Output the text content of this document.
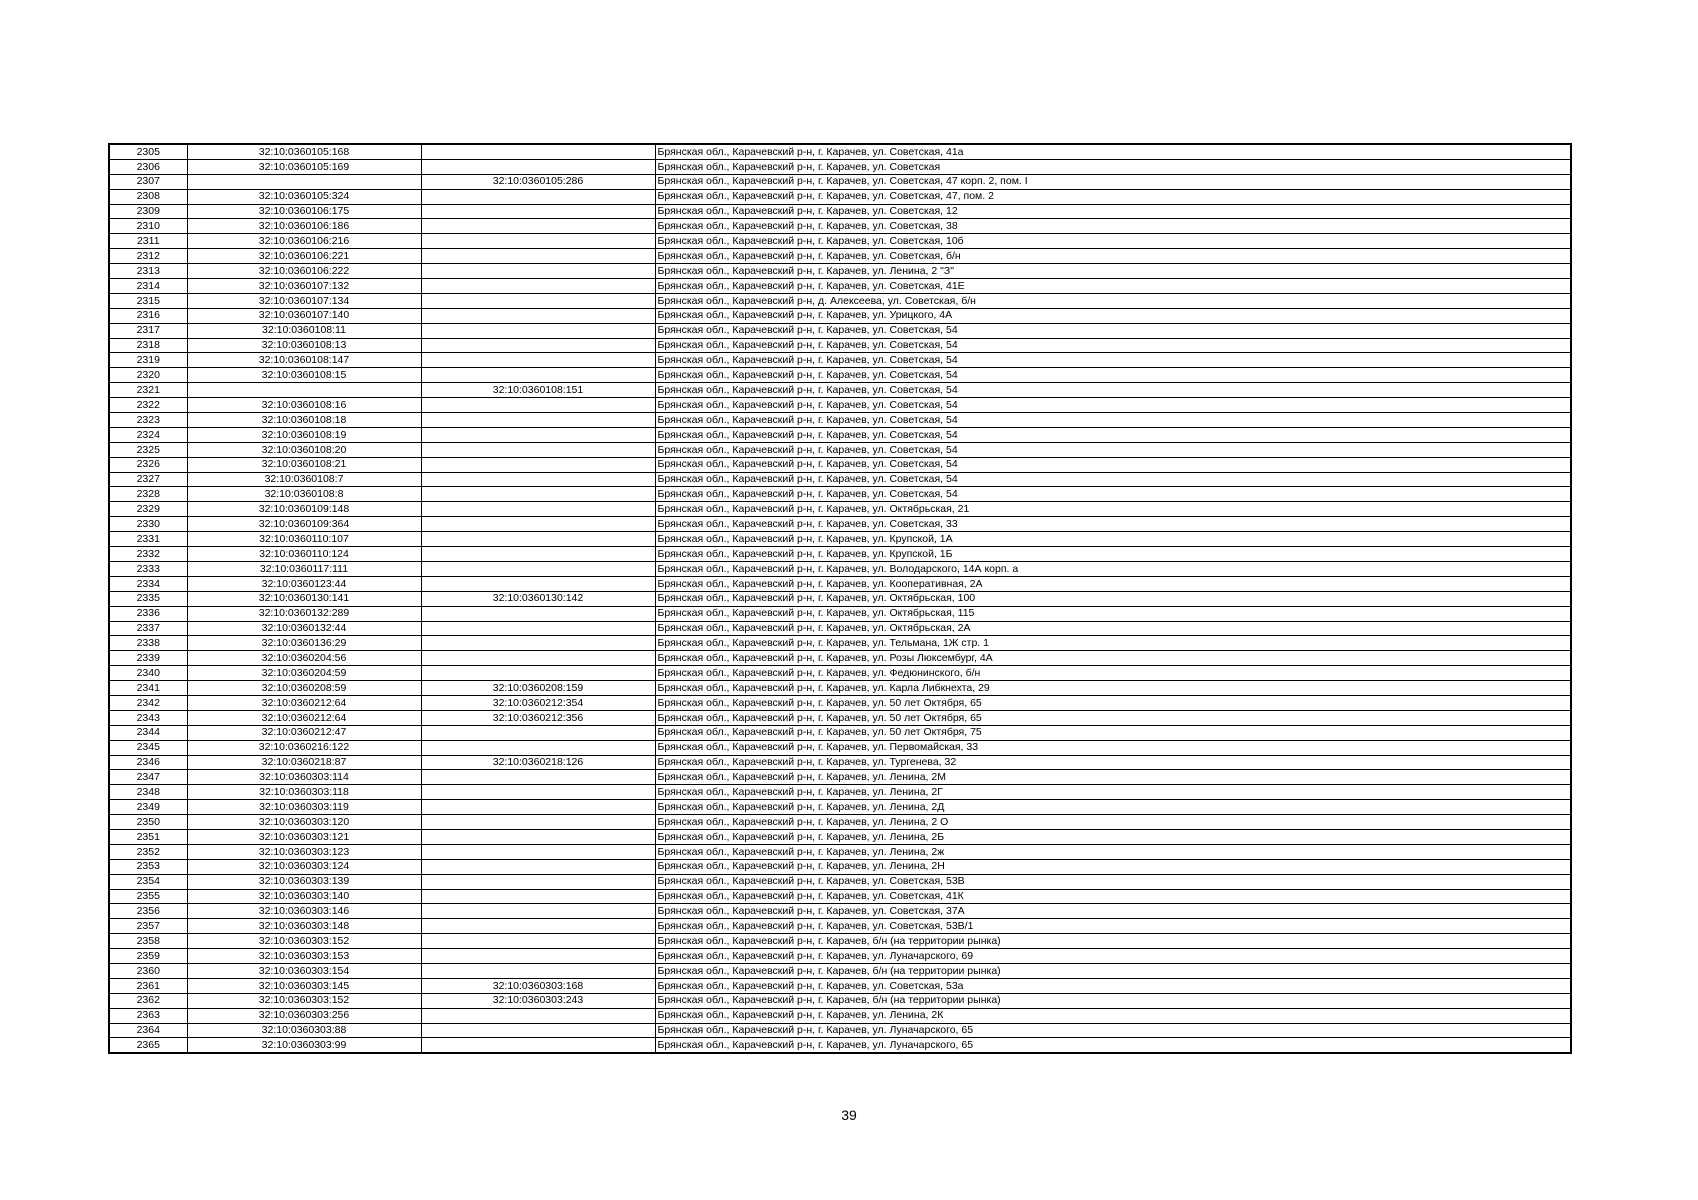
2305	32:10:0360105:168		Брянская обл., Карачевский р-н, г. Карачев, ул. Советская, 41а
2306	32:10:0360105:169		Брянская обл., Карачевский р-н, г. Карачев, ул. Советская
2307		32:10:0360105:286	Брянская обл., Карачевский р-н, г. Карачев, ул. Советская, 47 корп. 2, пом. I
2308	32:10:0360105:324		Брянская обл., Карачевский р-н, г. Карачев, ул. Советская, 47, пом. 2
2309	32:10:0360106:175		Брянская обл., Карачевский р-н, г. Карачев, ул. Советская, 12
2310	32:10:0360106:186		Брянская обл., Карачевский р-н, г. Карачев, ул. Советская, 38
2311	32:10:0360106:216		Брянская обл., Карачевский р-н, г. Карачев, ул. Советская, 10б
2312	32:10:0360106:221		Брянская обл., Карачевский р-н, г. Карачев, ул. Советская, б/н
2313	32:10:0360106:222		Брянская обл., Карачевский р-н, г. Карачев, ул. Ленина, 2 "З"
2314	32:10:0360107:132		Брянская обл., Карачевский р-н, г. Карачев, ул. Советская, 41Е
2315	32:10:0360107:134		Брянская обл., Карачевский р-н, д. Алексеева, ул. Советская, б/н
2316	32:10:0360107:140		Брянская обл., Карачевский р-н, г. Карачев, ул. Урицкого, 4А
2317	32:10:0360108:11		Брянская обл., Карачевский р-н, г. Карачев, ул. Советская, 54
2318	32:10:0360108:13		Брянская обл., Карачевский р-н, г. Карачев, ул. Советская, 54
2319	32:10:0360108:147		Брянская обл., Карачевский р-н, г. Карачев, ул. Советская, 54
2320	32:10:0360108:15		Брянская обл., Карачевский р-н, г. Карачев, ул. Советская, 54
2321		32:10:0360108:151	Брянская обл., Карачевский р-н, г. Карачев, ул. Советская, 54
2322	32:10:0360108:16		Брянская обл., Карачевский р-н, г. Карачев, ул. Советская, 54
2323	32:10:0360108:18		Брянская обл., Карачевский р-н, г. Карачев, ул. Советская, 54
2324	32:10:0360108:19		Брянская обл., Карачевский р-н, г. Карачев, ул. Советская, 54
2325	32:10:0360108:20		Брянская обл., Карачевский р-н, г. Карачев, ул. Советская, 54
2326	32:10:0360108:21		Брянская обл., Карачевский р-н, г. Карачев, ул. Советская, 54
2327	32:10:0360108:7		Брянская обл., Карачевский р-н, г. Карачев, ул. Советская, 54
2328	32:10:0360108:8		Брянская обл., Карачевский р-н, г. Карачев, ул. Советская, 54
2329	32:10:0360109:148		Брянская обл., Карачевский р-н, г. Карачев, ул. Октябрьская, 21
2330	32:10:0360109:364		Брянская обл., Карачевский р-н, г. Карачев, ул. Советская, 33
2331	32:10:0360110:107		Брянская обл., Карачевский р-н, г. Карачев, ул. Крупской, 1А
2332	32:10:0360110:124		Брянская обл., Карачевский р-н, г. Карачев, ул. Крупской, 1Б
2333	32:10:0360117:111		Брянская обл., Карачевский р-н, г. Карачев, ул. Володарского, 14А корп. а
2334	32:10:0360123:44		Брянская обл., Карачевский р-н, г. Карачев, ул. Кооперативная, 2А
2335	32:10:0360130:141	32:10:0360130:142	Брянская обл., Карачевский р-н, г. Карачев, ул. Октябрьская, 100
2336	32:10:0360132:289		Брянская обл., Карачевский р-н, г. Карачев, ул. Октябрьская, 115
2337	32:10:0360132:44		Брянская обл., Карачевский р-н, г. Карачев, ул. Октябрьская, 2А
2338	32:10:0360136:29		Брянская обл., Карачевский р-н, г. Карачев, ул. Тельмана, 1Ж стр. 1
2339	32:10:0360204:56		Брянская обл., Карачевский р-н, г. Карачев, ул. Розы Люксембург, 4А
2340	32:10:0360204:59		Брянская обл., Карачевский р-н, г. Карачев, ул. Федюнинского, б/н
2341	32:10:0360208:59	32:10:0360208:159	Брянская обл., Карачевский р-н, г. Карачев, ул. Карла Либкнехта, 29
2342	32:10:0360212:64	32:10:0360212:354	Брянская обл., Карачевский р-н, г. Карачев, ул. 50 лет Октября, 65
2343	32:10:0360212:64	32:10:0360212:356	Брянская обл., Карачевский р-н, г. Карачев, ул. 50 лет Октября, 65
2344	32:10:0360212:47		Брянская обл., Карачевский р-н, г. Карачев, ул. 50 лет Октября, 75
2345	32:10:0360216:122		Брянская обл., Карачевский р-н, г. Карачев, ул. Первомайская, 33
2346	32:10:0360218:87	32:10:0360218:126	Брянская обл., Карачевский р-н, г. Карачев, ул. Тургенева, 32
2347	32:10:0360303:114		Брянская обл., Карачевский р-н, г. Карачев, ул. Ленина, 2М
2348	32:10:0360303:118		Брянская обл., Карачевский р-н, г. Карачев, ул. Ленина, 2Г
2349	32:10:0360303:119		Брянская обл., Карачевский р-н, г. Карачев, ул. Ленина, 2Д
2350	32:10:0360303:120		Брянская обл., Карачевский р-н, г. Карачев, ул. Ленина, 2 О
2351	32:10:0360303:121		Брянская обл., Карачевский р-н, г. Карачев, ул. Ленина, 2Б
2352	32:10:0360303:123		Брянская обл., Карачевский р-н, г. Карачев, ул. Ленина, 2ж
2353	32:10:0360303:124		Брянская обл., Карачевский р-н, г. Карачев, ул. Ленина, 2Н
2354	32:10:0360303:139		Брянская обл., Карачевский р-н, г. Карачев, ул. Советская, 53В
2355	32:10:0360303:140		Брянская обл., Карачевский р-н, г. Карачев, ул. Советская, 41К
2356	32:10:0360303:146		Брянская обл., Карачевский р-н, г. Карачев, ул. Советская, 37А
2357	32:10:0360303:148		Брянская обл., Карачевский р-н, г. Карачев, ул. Советская, 53В/1
2358	32:10:0360303:152		Брянская обл., Карачевский р-н, г. Карачев, б/н (на территории рынка)
2359	32:10:0360303:153		Брянская обл., Карачевский р-н, г. Карачев, ул. Луначарского, 69
2360	32:10:0360303:154		Брянская обл., Карачевский р-н, г. Карачев, б/н (на территории рынка)
2361	32:10:0360303:145	32:10:0360303:168	Брянская обл., Карачевский р-н, г. Карачев, ул. Советская, 53а
2362	32:10:0360303:152	32:10:0360303:243	Брянская обл., Карачевский р-н, г. Карачев, б/н (на территории рынка)
2363	32:10:0360303:256		Брянская обл., Карачевский р-н, г. Карачев, ул. Ленина, 2К
2364	32:10:0360303:88		Брянская обл., Карачевский р-н, г. Карачев, ул. Луначарского, 65
2365	32:10:0360303:99		Брянская обл., Карачевский р-н, г. Карачев, ул. Луначарского, 65
39
